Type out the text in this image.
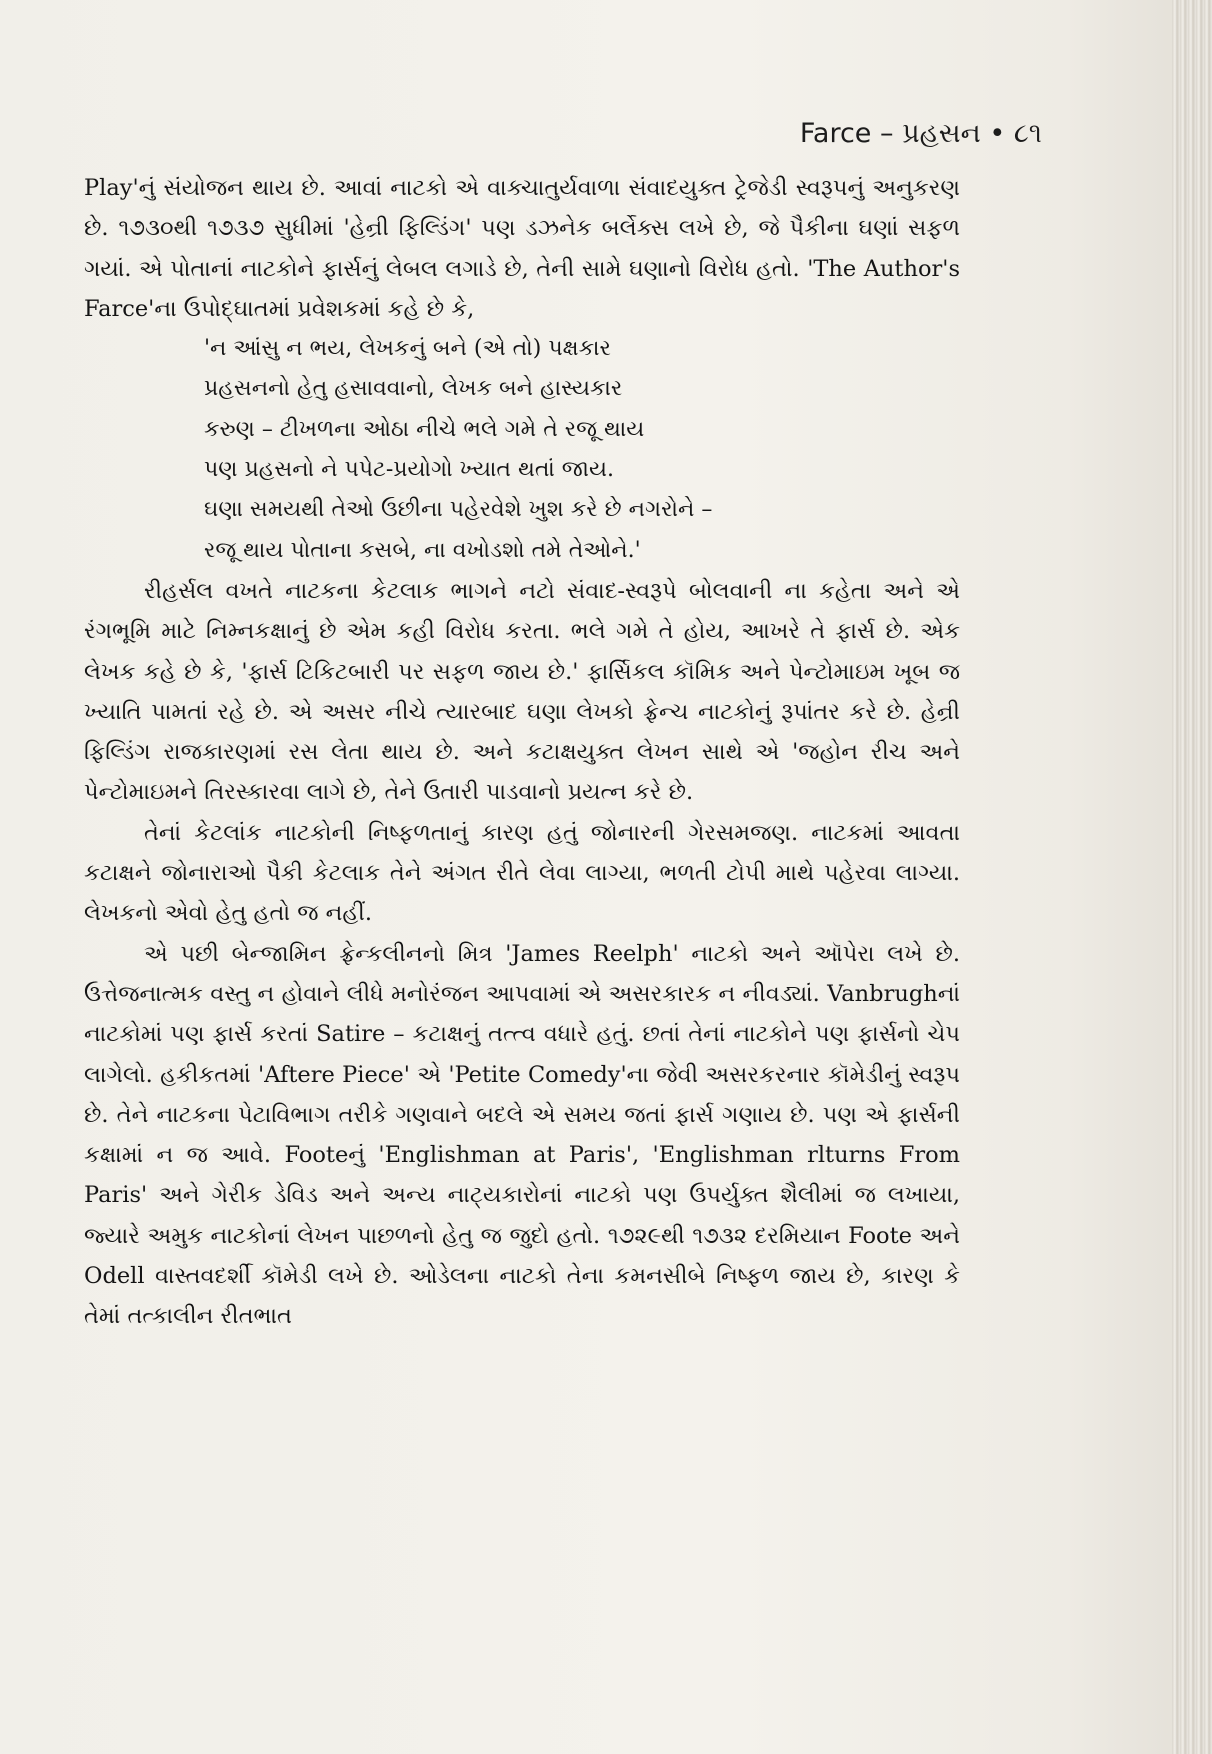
Farce – પ્રહસન • ૮૧

Play'નું સંયોજન થાય છે. આવાં નાટકો એ વાક્ચાતુર્યવાળા સંવાદયુક્ત ટ્રેજેડી સ્વરૂપનું અનુકરણ છે. ૧૭૩૦થી ૧૭૩૭ સુધીમાં 'હેન્રી ફિલ્ડિંગ' પણ ડઝનેક બર્લેક્સ લખે છે, જે પૈકીના ઘણાં સફળ ગયાં. એ પોતાનાં નાટકોને ફાર્સનું લેબલ લગાડે છે, તેની સામે ઘણાનો વિરોધ હતો. 'The Author's Farce'ના ઉપોદ્ઘાતમાં પ્રવેશકમાં કહે છે કે,

'ન આંસુ ન ભય, લેખકનું બને (એ તો) પક્ષકાર
પ્રહસનનો હેતુ હસાવવાનો, લેખક બને હાસ્યકાર
કરુણ – ટીખળના ઓઠા નીચે ભલે ગમે તે રજૂ થાય
પણ પ્રહસનો ને પપેટ-પ્રયોગો ખ્યાત થતાં જાય.
ઘણા સમયથી તેઓ ઉછીના પહેરવેશે ખુશ કરે છે નગરોને –
રજૂ થાય પોતાના કસબે, ના વખોડશો તમે તેઓને.'

રીહર્સલ વખતે નાટકના કેટલાક ભાગને નટો સંવાદ-સ્વરૂપે બોલવાની ના કહેતા અને એ રંગભૂમિ માટે નિમ્નકક્ષાનું છે એમ કહી વિરોધ કરતા. ભલે ગમે તે હોય, આખરે તે ફાર્સ છે. એક લેખક કહે છે કે, 'ફાર્સ ટિકિટબારી પર સફળ જાય છે.' ફાર્સિકલ કૉમિક અને પેન્ટોમાઇમ ખૂબ જ ખ્યાતિ પામતાં રહે છે. એ અસર નીચે ત્યારબાદ ઘણા લેખકો ફ્રેન્ચ નાટકોનું રૂપાંતર કરે છે. હેન્રી ફિલ્ડિંગ રાજકારણમાં રસ લેતા થાય છે. અને કટાક્ષયુક્ત લેખન સાથે એ 'જહોન રીચ અને પેન્ટોમાઇમને તિરસ્કારવા લાગે છે, તેને ઉતારી પાડવાનો પ્રયત્ન કરે છે.

તેનાં કેટલાંક નાટકોની નિષ્ફળતાનું કારણ હતું જોનારની ગેરસમજણ. નાટકમાં આવતા કટાક્ષને જોનારાઓ પૈકી કેટલાક તેને અંગત રીતે લેવા લાગ્યા, ભળતી ટોપી માથે પહેરવા લાગ્યા. લેખકનો એવો હેતુ હતો જ નહીં.

એ પછી બેન્જામિન ફ્રેન્કલીનનો મિત્ર 'James Reelph' નાટકો અને ઑપેરા લખે છે. ઉત્તેજનાત્મક વસ્તુ ન હોવાને લીધે મનોરંજન આપવામાં એ અસરકારક ન નીવડ્યાં. Vanbrughનાં નાટકોમાં પણ ફાર્સ કરતાં Satire – કટાક્ષનું તત્ત્વ વધારે હતું. છતાં તેનાં નાટકોને પણ ફાર્સનો ચેપ લાગેલો. હકીકતમાં 'Aftere Piece' એ 'Petite Comedy'ના જેવી અસરકરનાર કૉમેડીનું સ્વરૂપ છે. તેને નાટકના પેટાવિભાગ તરીકે ગણવાને બદલે એ સમય જતાં ફાર્સ ગણાય છે. પણ એ ફાર્સની કક્ષામાં ન જ આવે. Footeનું 'Englishman at Paris', 'Englishman rlturns From Paris' અને ગેરીક ડેવિડ અને અન્ય નાટ્યકારોનાં નાટકો પણ ઉપર્યુક્ત શૈલીમાં જ લખાયા, જ્યારે અમુક નાટકોનાં લેખન પાછળનો હેતુ જ જુદો હતો. ૧૭૨૯થી ૧૭૩૨ દરમિયાન Foote અને Odell વાસ્તવદર્શી કૉમેડી લખે છે. ઓડેલના નાટકો તેના કમનસીબે નિષ્ફળ જાય છે, કારણ કે તેમાં તત્કાલીન રીતભાત
